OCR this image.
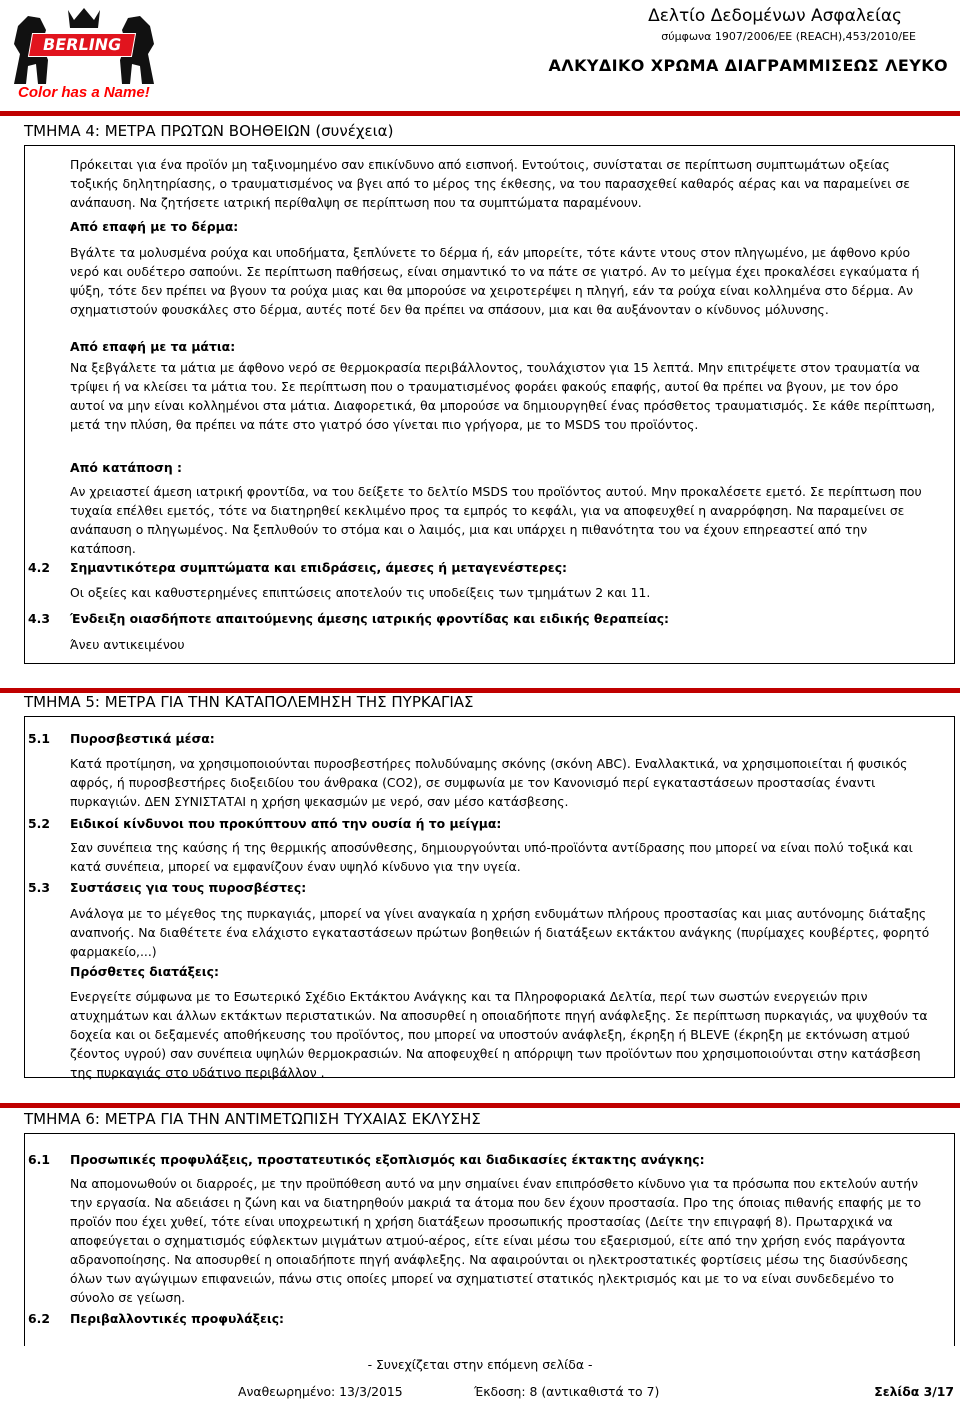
BERLING
Color has a Name!
Δελτίο Δεδομένων Ασφαλείας
σύμφωνα 1907/2006/ΕΕ (REACH),453/2010/ΕΕ
ΑΛΚΥΔΙΚΟ ΧΡΩΜΑ ΔΙΑΓΡΑΜΜΙΣΕΩΣ ΛΕΥΚΟ
ΤΜΗΜΑ 4: ΜΕΤΡΑ ΠΡΩΤΩΝ ΒΟΗΘΕΙΩΝ (συνέχεια)

Πρόκειται για ένα προϊόν μη ταξινομημένο σαν επικίνδυνο από εισπνοή. Εντούτοις, συνίσταται σε περίπτωση συμπτωμάτων οξείας τοξικής δηλητηρίασης, ο τραυματισμένος να βγει από το μέρος της έκθεσης, να του παρασχεθεί καθαρός αέρας και να παραμείνει σε ανάπαυση. Να ζητήσετε ιατρική περίθαλψη σε περίπτωση που τα συμπτώματα παραμένουν.

Από επαφή με το δέρμα:

Βγάλτε τα μολυσμένα ρούχα και υποδήματα, ξεπλύνετε το δέρμα ή, εάν μπορείτε, τότε κάντε ντους στον πληγωμένο, με άφθονο κρύο νερό και ουδέτερο σαπούνι. Σε περίπτωση παθήσεως, είναι σημαντικό το να πάτε σε γιατρό. Αν το μείγμα έχει προκαλέσει εγκαύματα ή ψύξη, τότε δεν πρέπει να βγουν τα ρούχα μιας και θα μπορούσε να χειροτερέψει η πληγή, εάν τα ρούχα είναι κολλημένα στο δέρμα. Αν σχηματιστούν φουσκάλες στο δέρμα, αυτές ποτέ δεν θα πρέπει να σπάσουν, μια και θα αυξάνονταν ο κίνδυνος μόλυνσης.

Από επαφή με τα μάτια:

Να ξεβγάλετε τα μάτια με άφθονο νερό σε θερμοκρασία περιβάλλοντος, τουλάχιστον για 15 λεπτά. Μην επιτρέψετε στον τραυματία να τρίψει ή να κλείσει τα μάτια του. Σε περίπτωση που ο τραυματισμένος φοράει φακούς επαφής, αυτοί θα πρέπει να βγουν, με τον όρο αυτοί να μην είναι κολλημένοι στα μάτια. Διαφορετικά, θα μπορούσε να δημιουργηθεί ένας πρόσθετος τραυματισμός. Σε κάθε περίπτωση, μετά την πλύση, θα πρέπει να πάτε στο γιατρό όσο γίνεται πιο γρήγορα, με το MSDS του προϊόντος.

Από κατάποση :

Αν χρειαστεί άμεση ιατρική φροντίδα, να του δείξετε το δελτίο MSDS του προϊόντος αυτού. Μην προκαλέσετε εμετό. Σε περίπτωση που τυχαία επέλθει εμετός, τότε να διατηρηθεί κεκλιμένο προς τα εμπρός το κεφάλι, για να αποφευχθεί η αναρρόφηση. Να παραμείνει σε ανάπαυση ο πληγωμένος. Να ξεπλυθούν το στόμα και ο λαιμός, μια και υπάρχει η πιθανότητα του να έχουν επηρεαστεί από την κατάποση.

4.2 Σημαντικότερα συμπτώματα και επιδράσεις, άμεσες ή μεταγενέστερες:

Οι οξείες και καθυστερημένες επιπτώσεις αποτελούν τις υποδείξεις των τμημάτων 2 και 11.

4.3 Ένδειξη οιασδήποτε απαιτούμενης άμεσης ιατρικής φροντίδας και ειδικής θεραπείας:

Άνευ αντικειμένου

ΤΜΗΜΑ 5: ΜΕΤΡΑ ΓΙΑ ΤΗΝ ΚΑΤΑΠΟΛΕΜΗΣΗ ΤΗΣ ΠΥΡΚΑΓΙΑΣ

5.1 Πυροσβεστικά μέσα:

Κατά προτίμηση, να χρησιμοποιούνται πυροσβεστήρες πολυδύναμης σκόνης (σκόνη ABC). Εναλλακτικά, να χρησιμοποιείται ή φυσικός αφρός, ή πυροσβεστήρες διοξειδίου του άνθρακα (CO2), σε συμφωνία με τον Κανονισμό περί εγκαταστάσεων προστασίας έναντι πυρκαγιών. ΔΕΝ ΣΥΝΙΣΤΑΤΑΙ η χρήση ψεκασμών με νερό, σαν μέσο κατάσβεσης.

5.2 Ειδικοί κίνδυνοι που προκύπτουν από την ουσία ή το μείγμα:

Σαν συνέπεια της καύσης ή της θερμικής αποσύνθεσης, δημιουργούνται υπό-προϊόντα αντίδρασης που μπορεί να είναι πολύ τοξικά και κατά συνέπεια, μπορεί να εμφανίζουν έναν υψηλό κίνδυνο για την υγεία.

5.3 Συστάσεις για τους πυροσβέστες:

Ανάλογα με το μέγεθος της πυρκαγιάς, μπορεί να γίνει αναγκαία η χρήση ενδυμάτων πλήρους προστασίας και μιας αυτόνομης διάταξης αναπνοής. Να διαθέτετε ένα ελάχιστο εγκαταστάσεων πρώτων βοηθειών ή διατάξεων εκτάκτου ανάγκης (πυρίμαχες κουβέρτες, φορητό φαρμακείο,...)

Πρόσθετες διατάξεις:

Ενεργείτε σύμφωνα με το Εσωτερικό Σχέδιο Εκτάκτου Ανάγκης και τα Πληροφοριακά Δελτία, περί των σωστών ενεργειών πριν ατυχημάτων και άλλων εκτάκτων περιστατικών. Να αποσυρθεί η οποιαδήποτε πηγή ανάφλεξης. Σε περίπτωση πυρκαγιάς, να ψυχθούν τα δοχεία και οι δεξαμενές αποθήκευσης του προϊόντος, που μπορεί να υποστούν ανάφλεξη, έκρηξη ή BLEVE (έκρηξη με εκτόνωση ατμού ζέοντος υγρού) σαν συνέπεια υψηλών θερμοκρασιών. Να αποφευχθεί η απόρριψη των προϊόντων που χρησιμοποιούνται στην κατάσβεση της πυρκαγιάς στο υδάτινο περιβάλλον .

ΤΜΗΜΑ 6: ΜΕΤΡΑ ΓΙΑ ΤΗΝ ΑΝΤΙΜΕΤΩΠΙΣΗ ΤΥΧΑΙΑΣ ΕΚΛΥΣΗΣ

6.1 Προσωπικές προφυλάξεις, προστατευτικός εξοπλισμός και διαδικασίες έκτακτης ανάγκης:

Να απομονωθούν οι διαρροές, με την προϋπόθεση αυτό να μην σημαίνει έναν επιπρόσθετο κίνδυνο για τα πρόσωπα που εκτελούν αυτήν την εργασία. Να αδειάσει η ζώνη και να διατηρηθούν μακριά τα άτομα που δεν έχουν προστασία. Προ της όποιας πιθανής επαφής με το προϊόν που έχει χυθεί, τότε είναι υποχρεωτική η χρήση διατάξεων προσωπικής προστασίας (Δείτε την επιγραφή 8). Πρωταρχικά να αποφεύγεται ο σχηματισμός εύφλεκτων μιγμάτων ατμού-αέρος, είτε είναι μέσω του εξαερισμού, είτε από την χρήση ενός παράγοντα αδρανοποίησης. Να αποσυρθεί η οποιαδήποτε πηγή ανάφλεξης. Να αφαιρούνται οι ηλεκτροστατικές φορτίσεις μέσω της διασύνδεσης όλων των αγώγιμων επιφανειών, πάνω στις οποίες μπορεί να σχηματιστεί στατικός ηλεκτρισμός και με το να είναι συνδεδεμένο το σύνολο σε γείωση.

6.2 Περιβαλλοντικές προφυλάξεις:

- Συνεχίζεται στην επόμενη σελίδα -
Αναθεωρημένο: 13/3/2015	Έκδοση: 8 (αντικαθιστά το 7)	Σελίδα 3/17
